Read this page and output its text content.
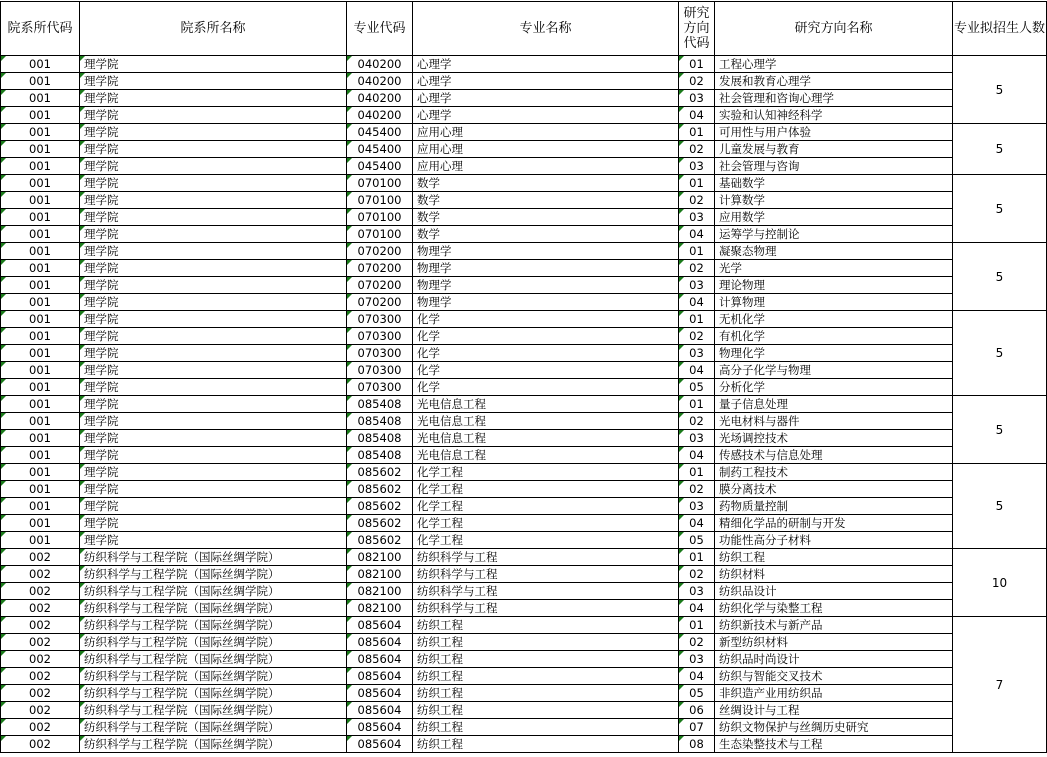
院系所代码	院系所名称	专业代码	专业名称	研究方向代码	研究方向名称	专业拟招生人数
001	理学院	040200	心理学	01	工程心理学	5
001	理学院	040200	心理学	02	发展和教育心理学	
001	理学院	040200	心理学	03	社会管理和咨询心理学	
001	理学院	040200	心理学	04	实验和认知神经科学	
001	理学院	045400	应用心理	01	可用性与用户体验	5
001	理学院	045400	应用心理	02	儿童发展与教育	
001	理学院	045400	应用心理	03	社会管理与咨询	
001	理学院	070100	数学	01	基础数学	5
001	理学院	070100	数学	02	计算数学	
001	理学院	070100	数学	03	应用数学	
001	理学院	070100	数学	04	运筹学与控制论	
001	理学院	070200	物理学	01	凝聚态物理	5
001	理学院	070200	物理学	02	光学	
001	理学院	070200	物理学	03	理论物理	
001	理学院	070200	物理学	04	计算物理	
001	理学院	070300	化学	01	无机化学	5
001	理学院	070300	化学	02	有机化学	
001	理学院	070300	化学	03	物理化学	
001	理学院	070300	化学	04	高分子化学与物理	
001	理学院	070300	化学	05	分析化学	
001	理学院	085408	光电信息工程	01	量子信息处理	5
001	理学院	085408	光电信息工程	02	光电材料与器件	
001	理学院	085408	光电信息工程	03	光场调控技术	
001	理学院	085408	光电信息工程	04	传感技术与信息处理	
001	理学院	085602	化学工程	01	制药工程技术	5
001	理学院	085602	化学工程	02	膜分离技术	
001	理学院	085602	化学工程	03	药物质量控制	
001	理学院	085602	化学工程	04	精细化学品的研制与开发	
001	理学院	085602	化学工程	05	功能性高分子材料	
002	纺织科学与工程学院（国际丝绸学院）	082100	纺织科学与工程	01	纺织工程	10
002	纺织科学与工程学院（国际丝绸学院）	082100	纺织科学与工程	02	纺织材料	
002	纺织科学与工程学院（国际丝绸学院）	082100	纺织科学与工程	03	纺织品设计	
002	纺织科学与工程学院（国际丝绸学院）	082100	纺织科学与工程	04	纺织化学与染整工程	
002	纺织科学与工程学院（国际丝绸学院）	085604	纺织工程	01	纺织新技术与新产品	7
002	纺织科学与工程学院（国际丝绸学院）	085604	纺织工程	02	新型纺织材料	
002	纺织科学与工程学院（国际丝绸学院）	085604	纺织工程	03	纺织品时尚设计	
002	纺织科学与工程学院（国际丝绸学院）	085604	纺织工程	04	纺织与智能交叉技术	
002	纺织科学与工程学院（国际丝绸学院）	085604	纺织工程	05	非织造产业用纺织品	
002	纺织科学与工程学院（国际丝绸学院）	085604	纺织工程	06	丝绸设计与工程	
002	纺织科学与工程学院（国际丝绸学院）	085604	纺织工程	07	纺织文物保护与丝绸历史研究	
002	纺织科学与工程学院（国际丝绸学院）	085604	纺织工程	08	生态染整技术与工程	
